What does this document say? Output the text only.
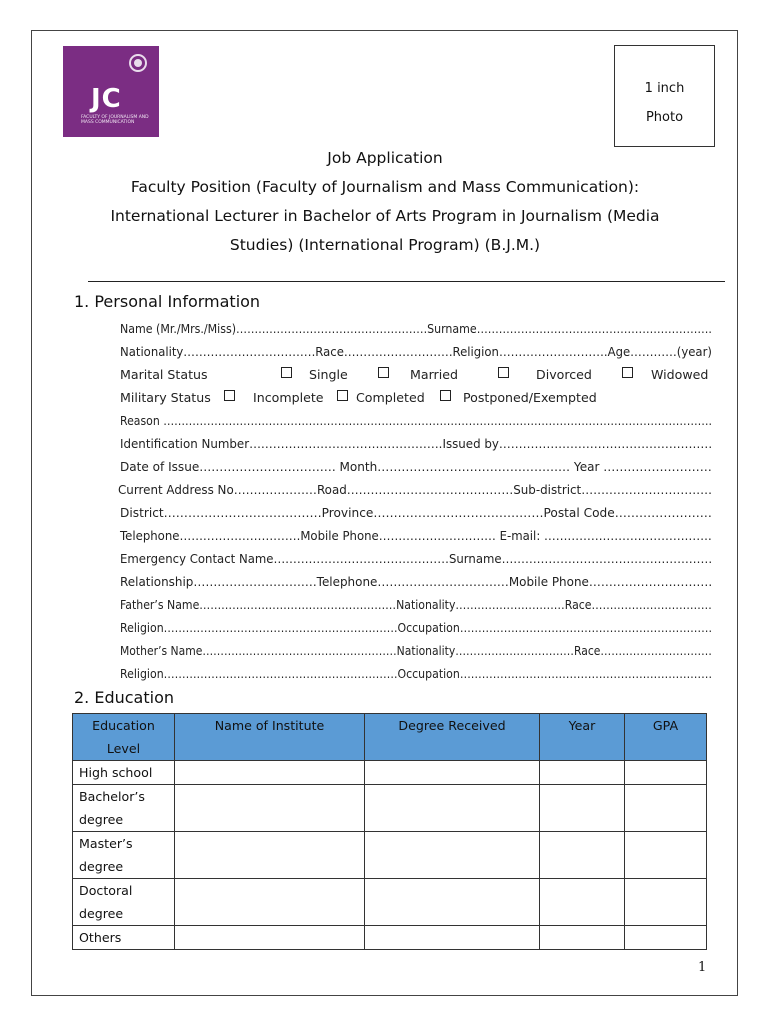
JC
FACULTY OF JOURNALISM AND MASS COMMUNICATION
1 inch
Photo
Job Application
Faculty Position (Faculty of Journalism and Mass Communication):
International Lecturer in Bachelor of Arts Program in Journalism (Media
Studies) (International Program) (B.J.M.)
1. Personal Information
Name (Mr./Mrs./Miss)…………………………………………….Surname……………………………………………………….
Nationality…………………………….Race……………………….Religion……………………….Age…………(year)
Marital Status	Single	Married	Divorced	Widowed
Military Status	Incomplete	Completed	Postponed/Exempted
Reason …………………………………………………………………………………………………………………………………….
Identification Number………………………………………….Issued by………………………………………………
Date of Issue……………………………. Month………………………………………… Year ………………………
Current Address No…………………Road……………………………………Sub-district……………………………
District…………………………………Province……………………………………Postal Code……………………
Telephone………………………….Mobile Phone………………………… E-mail: …………………………………….
Emergency Contact Name………………………………………Surname………………………………………………
Relationship………………………….Telephone……………………………Mobile Phone………………………….
Father’s Name………………………………………………Nationality…………………………Race……………………………
Religion……………………………………………………….Occupation……………………………………………………………
Mother’s Name………………………………………………Nationality……………………………Race………………………….
Religion……………………………………………………….Occupation……………………………………………………………
2. Education
Education Level	Name of Institute	Degree Received	Year	GPA
High school				
Bachelor’s degree				
Master’s degree				
Doctoral degree				
Others				
1
